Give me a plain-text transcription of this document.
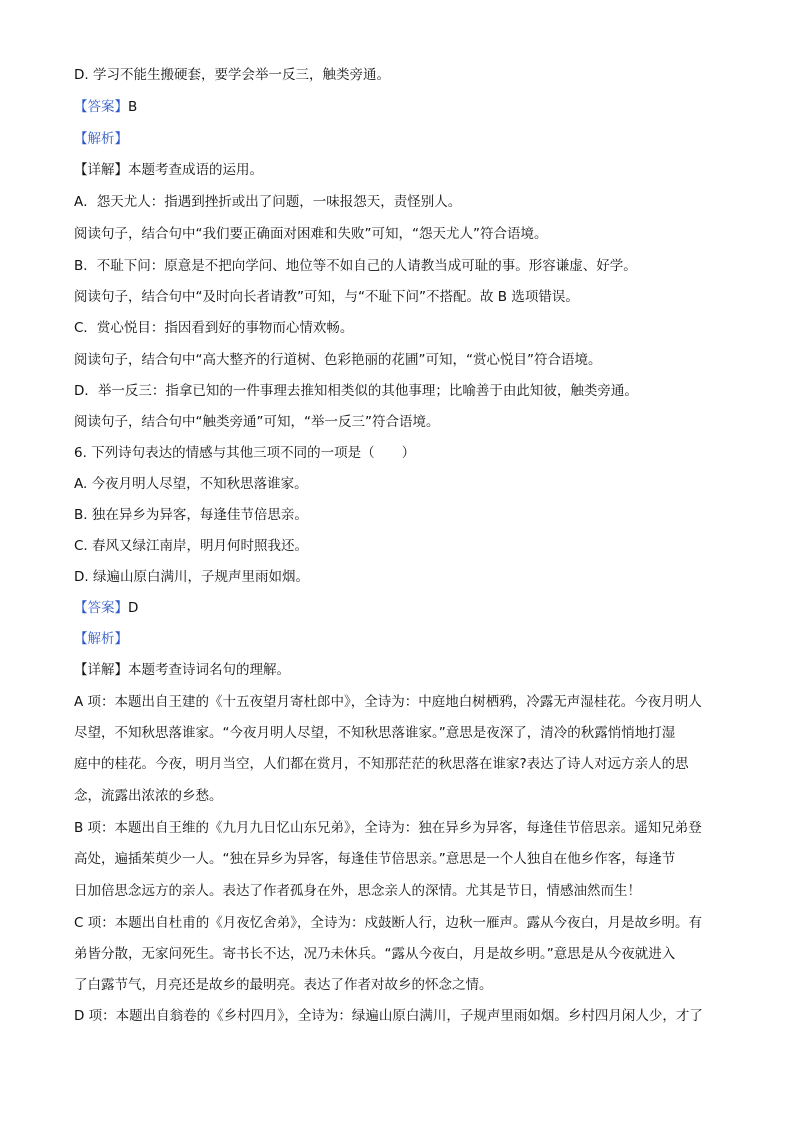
D. 学习不能生搬硬套，要学会举一反三，触类旁通。
【答案】B
【解析】
【详解】本题考查成语的运用。
A．怨天尤人：指遇到挫折或出了问题，一味报怨天，责怪别人。
阅读句子，结合句中“我们要正确面对困难和失败”可知，“怨天尤人”符合语境。
B．不耻下问：原意是不把向学问、地位等不如自己的人请教当成可耻的事。形容谦虚、好学。
阅读句子，结合句中“及时向长者请教”可知，与“不耻下问”不搭配。故 B 选项错误。
C．赏心悦目：指因看到好的事物而心情欢畅。
阅读句子，结合句中“高大整齐的行道树、色彩艳丽的花圃”可知，“赏心悦目”符合语境。
D．举一反三：指拿已知的一件事理去推知相类似的其他事理；比喻善于由此知彼，触类旁通。
阅读句子，结合句中“触类旁通”可知，“举一反三”符合语境。
6. 下列诗句表达的情感与其他三项不同的一项是（　　）
A. 今夜月明人尽望，不知秋思落谁家。
B. 独在异乡为异客，每逢佳节倍思亲。
C. 春风又绿江南岸，明月何时照我还。
D. 绿遍山原白满川，子规声里雨如烟。
【答案】D
【解析】
【详解】本题考查诗词名句的理解。
A 项：本题出自王建的《十五夜望月寄杜郎中》，全诗为：中庭地白树栖鸦，冷露无声湿桂花。今夜月明人
尽望，不知秋思落谁家。“今夜月明人尽望，不知秋思落谁家。”意思是夜深了，清冷的秋露悄悄地打湿
庭中的桂花。今夜，明月当空，人们都在赏月，不知那茫茫的秋思落在谁家?表达了诗人对远方亲人的思
念，流露出浓浓的乡愁。
B 项：本题出自王维的《九月九日忆山东兄弟》，全诗为：独在异乡为异客，每逢佳节倍思亲。遥知兄弟登
高处，遍插茱萸少一人。“独在异乡为异客，每逢佳节倍思亲。”意思是一个人独自在他乡作客，每逢节
日加倍思念远方的亲人。表达了作者孤身在外，思念亲人的深情。尤其是节日，情感油然而生！
C 项：本题出自杜甫的《月夜忆舍弟》，全诗为：戍鼓断人行，边秋一雁声。露从今夜白，月是故乡明。有
弟皆分散，无家问死生。寄书长不达，况乃未休兵。“露从今夜白，月是故乡明。”意思是从今夜就进入
了白露节气，月亮还是故乡的最明亮。表达了作者对故乡的怀念之情。
D 项：本题出自翁卷的《乡村四月》，全诗为：绿遍山原白满川，子规声里雨如烟。乡村四月闲人少，才了
